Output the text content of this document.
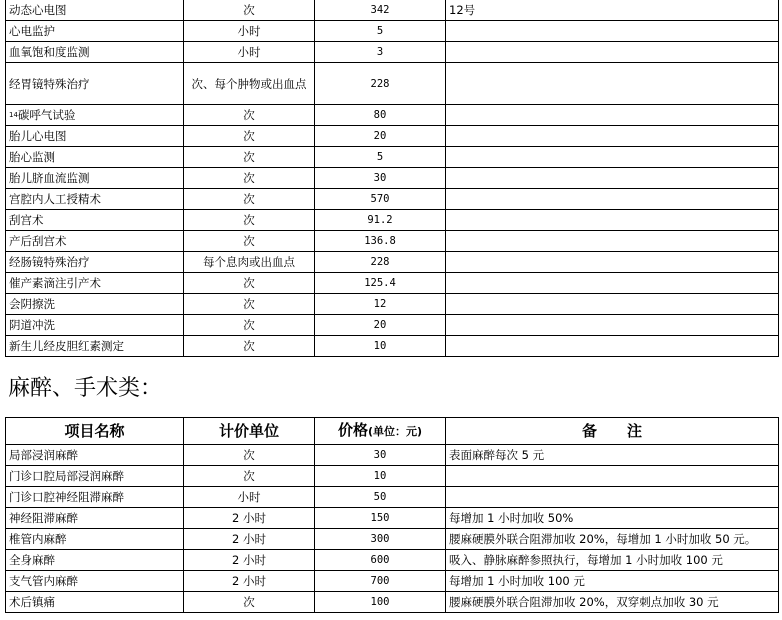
动态心电图	次	342	12号
心电监护	小时	5	
血氧饱和度监测	小时	3	
经胃镜特殊治疗	次、每个肿物或出血点	228	
$^{14}$碳呼气试验	次	80	
胎儿心电图	次	20	
胎心监测	次	5	
胎儿脐血流监测	次	30	
宫腔内人工授精术	次	570	
刮宫术	次	91.2	
产后刮宫术	次	136.8	
经肠镜特殊治疗	每个息肉或出血点	228	
催产素滴注引产术	次	125.4	
会阴擦洗	次	12	
阴道冲洗	次	20	
新生儿经皮胆红素测定	次	10	
麻醉、手术类：
项目名称	计价单位	价格(单位：元)	备　　注
局部浸润麻醉	次	30	表面麻醉每次 5 元
门诊口腔局部浸润麻醉	次	10	
门诊口腔神经阻滞麻醉	小时	50	
神经阻滞麻醉	2 小时	150	每增加 1 小时加收 50%
椎管内麻醉	2 小时	300	腰麻硬膜外联合阻滞加收 20%，每增加 1 小时加收 50 元。
全身麻醉	2 小时	600	吸入、静脉麻醉参照执行，每增加 1 小时加收 100 元
支气管内麻醉	2 小时	700	每增加 1 小时加收 100 元
术后镇痛	次	100	腰麻硬膜外联合阻滞加收 20%，双穿刺点加收 30 元
